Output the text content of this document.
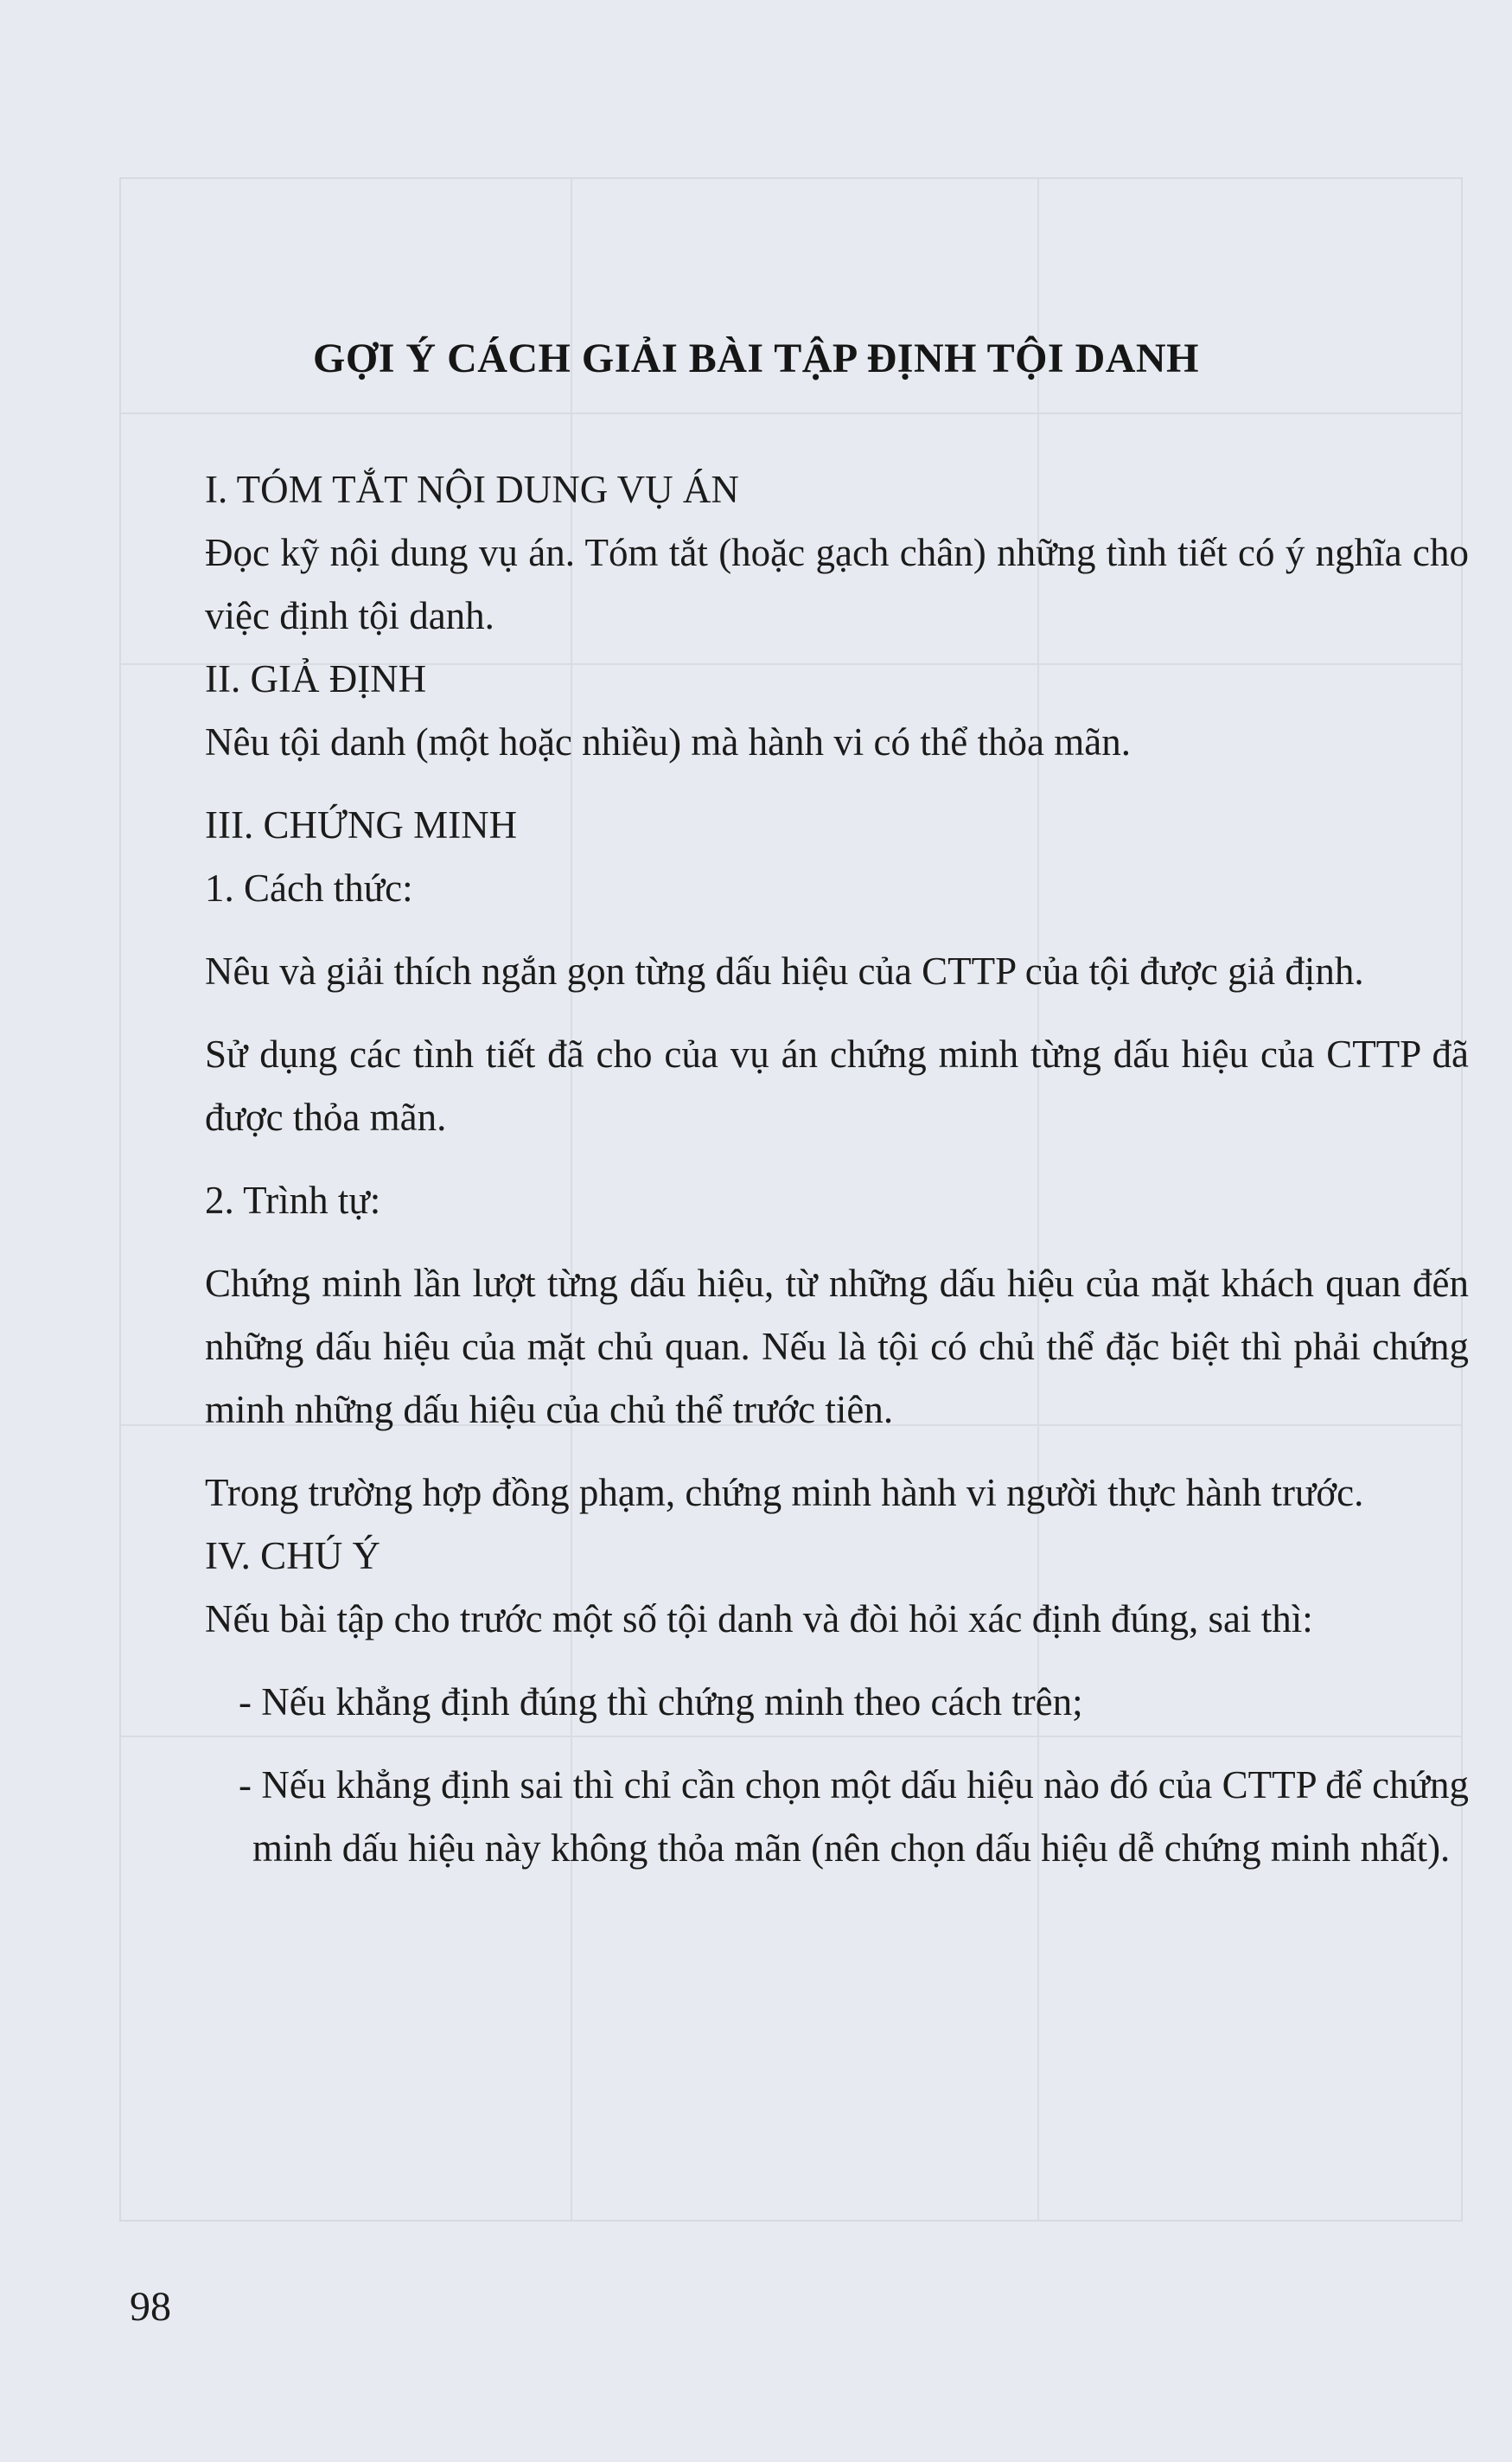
GỢI Ý CÁCH GIẢI BÀI TẬP ĐỊNH TỘI DANH

I. TÓM TẮT NỘI DUNG VỤ ÁN

Đọc kỹ nội dung vụ án. Tóm tắt (hoặc gạch chân) những tình tiết có ý nghĩa cho việc định tội danh.

II. GIẢ ĐỊNH

Nêu tội danh (một hoặc nhiều) mà hành vi có thể thỏa mãn.

III. CHỨNG MINH

1. Cách thức:

Nêu và giải thích ngắn gọn từng dấu hiệu của CTTP của tội được giả định.

Sử dụng các tình tiết đã cho của vụ án chứng minh từng dấu hiệu của CTTP đã được thỏa mãn.

2. Trình tự:

Chứng minh lần lượt từng dấu hiệu, từ những dấu hiệu của mặt khách quan đến những dấu hiệu của mặt chủ quan. Nếu là tội có chủ thể đặc biệt thì phải chứng minh những dấu hiệu của chủ thể trước tiên.

Trong trường hợp đồng phạm, chứng minh hành vi người thực hành trước.

IV. CHÚ Ý

Nếu bài tập cho trước một số tội danh và đòi hỏi xác định đúng, sai thì:

- Nếu khẳng định đúng thì chứng minh theo cách trên;

- Nếu khẳng định sai thì chỉ cần chọn một dấu hiệu nào đó của CTTP để chứng minh dấu hiệu này không thỏa mãn (nên chọn dấu hiệu dễ chứng minh nhất).

98
